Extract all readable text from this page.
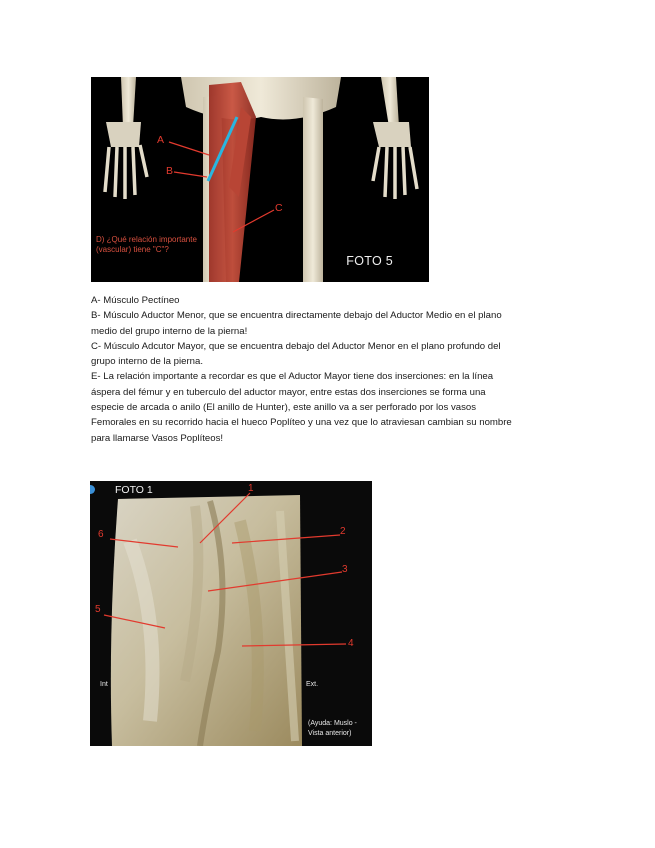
A
B
C
D) ¿Qué relación importante (vascular) tiene "C"?
FOTO 5

A- Músculo Pectíneo

B- Músculo Aductor Menor, que se encuentra directamente debajo del Aductor Medio en el plano

medio del grupo interno de la pierna!

C- Músculo Adcutor Mayor, que se encuentra debajo del Aductor Menor en el plano profundo del

grupo interno de la pierna.

E- La relación importante a recordar es que el Aductor Mayor tiene dos inserciones: en la línea

áspera del fémur y en tuberculo del aductor mayor, entre estas dos inserciones se forma una

especie de arcada o anilo (El anillo de Hunter), este anillo va a ser perforado por los vasos

Femorales en su recorrido hacia el hueco Poplíteo y una vez que lo atraviesan cambian su nombre

para llamarse Vasos Poplíteos!

FOTO 1	1
2
3
4
5
6
Int	Ext.
(Ayuda: Muslo -
Vista anterior)
